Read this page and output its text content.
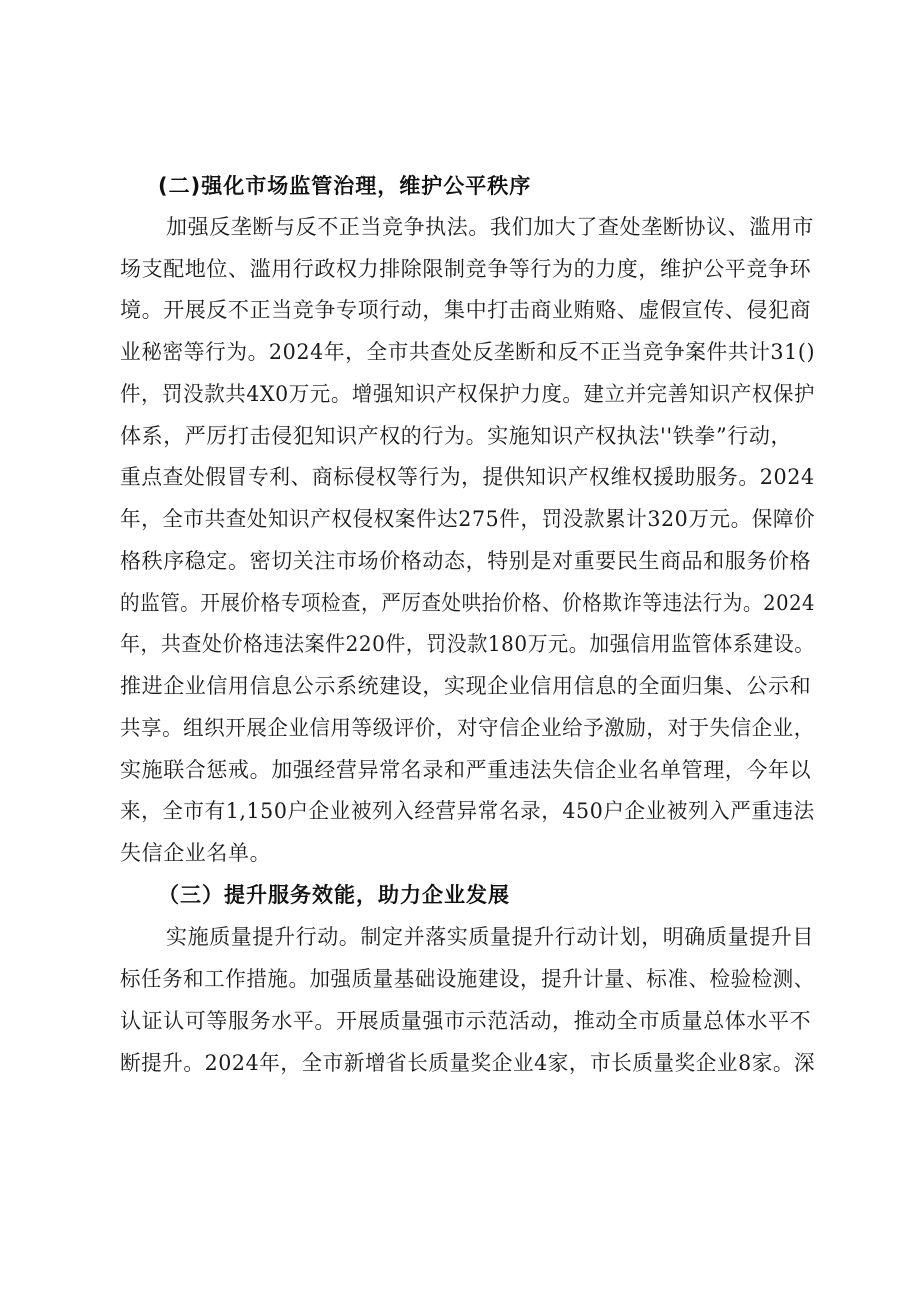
(二)强化市场监管治理，维护公平秩序
加强反垄断与反不正当竞争执法。我们加大了查处垄断协议、滥用市
场支配地位、滥用行政权力排除限制竞争等行为的力度，维护公平竞争环
境。开展反不正当竞争专项行动，集中打击商业贿赂、虚假宣传、侵犯商
业秘密等行为。2024年，全市共查处反垄断和反不正当竞争案件共计31()
件，罚没款共4X0万元。增强知识产权保护力度。建立并完善知识产权保护
体系，严厉打击侵犯知识产权的行为。实施知识产权执法''铁拳”行动，
重点查处假冒专利、商标侵权等行为，提供知识产权维权援助服务。2024
年，全市共查处知识产权侵权案件达275件，罚没款累计320万元。保障价
格秩序稳定。密切关注市场价格动态，特别是对重要民生商品和服务价格
的监管。开展价格专项检查，严厉查处哄抬价格、价格欺诈等违法行为。2024
年，共查处价格违法案件220件，罚没款180万元。加强信用监管体系建设。
推进企业信用信息公示系统建设，实现企业信用信息的全面归集、公示和
共享。组织开展企业信用等级评价，对守信企业给予激励，对于失信企业，
实施联合惩戒。加强经营异常名录和严重违法失信企业名单管理，今年以
来，全市有1,150户企业被列入经营异常名录，450户企业被列入严重违法
失信企业名单。
（三）提升服务效能，助力企业发展
实施质量提升行动。制定并落实质量提升行动计划，明确质量提升目
标任务和工作措施。加强质量基础设施建设，提升计量、标准、检验检测、
认证认可等服务水平。开展质量强市示范活动，推动全市质量总体水平不
断提升。2024年，全市新增省长质量奖企业4家，市长质量奖企业8家。深
